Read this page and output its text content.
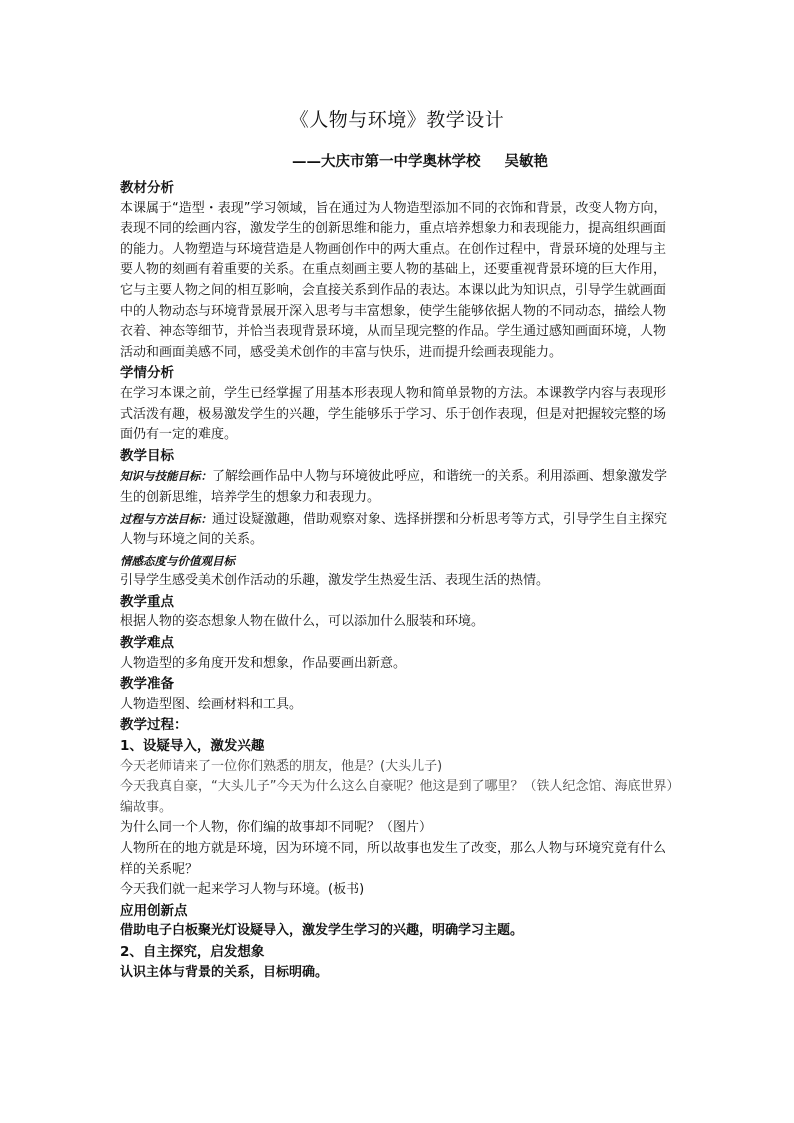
《人物与环境》教学设计
——大庆市第一中学奥林学校 吴敏艳
教材分析
本课属于“造型・表现”学习领域，旨在通过为人物造型添加不同的衣饰和背景，改变人物方向，表现不同的绘画内容，激发学生的创新思维和能力，重点培养想象力和表现能力，提高组织画面的能力。人物塑造与环境营造是人物画创作中的两大重点。在创作过程中，背景环境的处理与主要人物的刻画有着重要的关系。在重点刻画主要人物的基础上，还要重视背景环境的巨大作用，它与主要人物之间的相互影响，会直接关系到作品的表达。本课以此为知识点，引导学生就画面中的人物动态与环境背景展开深入思考与丰富想象，使学生能够依据人物的不同动态，描绘人物衣着、神态等细节，并恰当表现背景环境，从而呈现完整的作品。学生通过感知画面环境，人物活动和画面美感不同，感受美术创作的丰富与快乐，进而提升绘画表现能力。
学情分析
在学习本课之前，学生已经掌握了用基本形表现人物和简单景物的方法。本课教学内容与表现形式活泼有趣，极易激发学生的兴趣，学生能够乐于学习、乐于创作表现，但是对把握较完整的场面仍有一定的难度。
教学目标
知识与技能目标：了解绘画作品中人物与环境彼此呼应，和谐统一的关系。利用添画、想象激发学生的创新思维，培养学生的想象力和表现力。
过程与方法目标：通过设疑激趣，借助观察对象、选择拼摆和分析思考等方式，引导学生自主探究人物与环境之间的关系。
情感态度与价值观目标
引导学生感受美术创作活动的乐趣，激发学生热爱生活、表现生活的热情。
教学重点
根据人物的姿态想象人物在做什么，可以添加什么服装和环境。
教学难点
人物造型的多角度开发和想象，作品要画出新意。
教学准备
人物造型图、绘画材料和工具。
教学过程：
1、设疑导入，激发兴趣
今天老师请来了一位你们熟悉的朋友，他是？(大头儿子)
今天我真自豪，“大头儿子”今天为什么这么自豪呢？他这是到了哪里？（铁人纪念馆、海底世界）编故事。
为什么同一个人物，你们编的故事却不同呢？（图片）
人物所在的地方就是环境，因为环境不同，所以故事也发生了改变，那么人物与环境究竟有什么样的关系呢？
今天我们就一起来学习人物与环境。(板书)
应用创新点
借助电子白板聚光灯设疑导入，激发学生学习的兴趣，明确学习主题。
2、自主探究，启发想象
认识主体与背景的关系，目标明确。
